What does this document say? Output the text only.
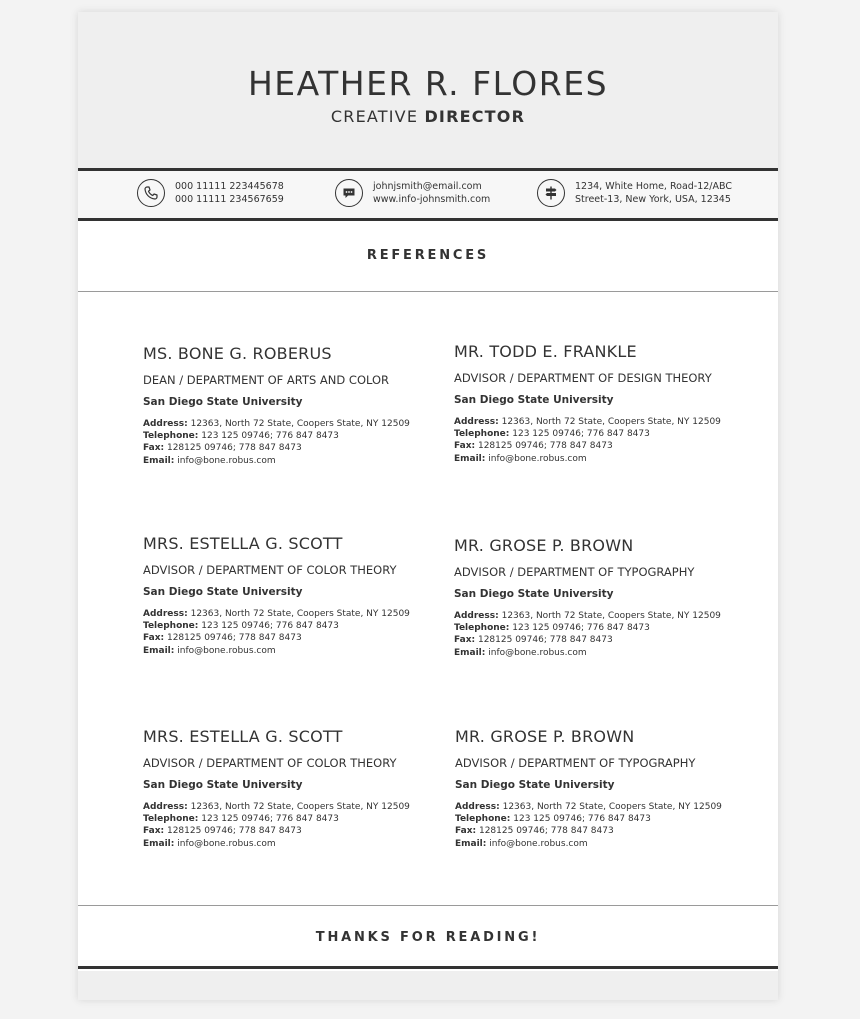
HEATHER R. FLORES
CREATIVE DIRECTOR
000 11111 223445678
000 11111 234567659
johnjsmith@email.com
www.info-johnsmith.com
1234, White Home, Road-12/ABC
Street-13, New York, USA, 12345
REFERENCES
MS. BONE G. ROBERUS
DEAN / DEPARTMENT OF ARTS AND COLOR
San Diego State University
Address: 12363, North 72 State, Coopers State, NY 12509
Telephone: 123 125 09746; 776 847 8473
Fax: 128125 09746; 778 847 8473
Email: info@bone.robus.com
MR. TODD E. FRANKLE
ADVISOR / DEPARTMENT OF DESIGN THEORY
San Diego State University
Address: 12363, North 72 State, Coopers State, NY 12509
Telephone: 123 125 09746; 776 847 8473
Fax: 128125 09746; 778 847 8473
Email: info@bone.robus.com
MRS. ESTELLA G. SCOTT
ADVISOR / DEPARTMENT OF COLOR THEORY
San Diego State University
Address: 12363, North 72 State, Coopers State, NY 12509
Telephone: 123 125 09746; 776 847 8473
Fax: 128125 09746; 778 847 8473
Email: info@bone.robus.com
MR. GROSE P. BROWN
ADVISOR / DEPARTMENT OF TYPOGRAPHY
San Diego State University
Address: 12363, North 72 State, Coopers State, NY 12509
Telephone: 123 125 09746; 776 847 8473
Fax: 128125 09746; 778 847 8473
Email: info@bone.robus.com
MRS. ESTELLA G. SCOTT
ADVISOR / DEPARTMENT OF COLOR THEORY
San Diego State University
Address: 12363, North 72 State, Coopers State, NY 12509
Telephone: 123 125 09746; 776 847 8473
Fax: 128125 09746; 778 847 8473
Email: info@bone.robus.com
MR. GROSE P. BROWN
ADVISOR / DEPARTMENT OF TYPOGRAPHY
San Diego State University
Address: 12363, North 72 State, Coopers State, NY 12509
Telephone: 123 125 09746; 776 847 8473
Fax: 128125 09746; 778 847 8473
Email: info@bone.robus.com
THANKS FOR READING!
